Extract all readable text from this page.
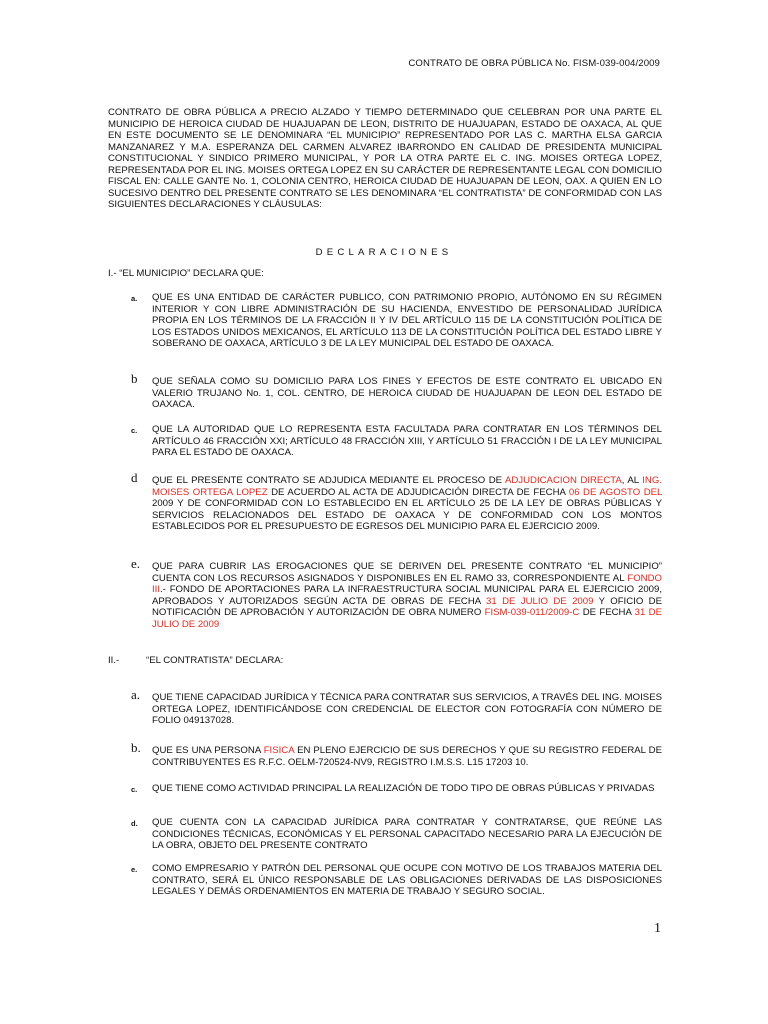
CONTRATO DE OBRA PÚBLICA No. FISM-039-004/2009
CONTRATO DE OBRA PÚBLICA A PRECIO ALZADO Y TIEMPO DETERMINADO QUE CELEBRAN POR UNA PARTE EL MUNICIPIO DE HEROICA CIUDAD DE HUAJUAPAN DE LEON, DISTRITO DE HUAJUAPAN, ESTADO DE OAXACA, AL QUE EN ESTE DOCUMENTO SE LE DENOMINARA “EL MUNICIPIO” REPRESENTADO POR LAS C. MARTHA ELSA GARCIA MANZANAREZ Y M.A. ESPERANZA DEL CARMEN ALVAREZ IBARRONDO EN CALIDAD DE PRESIDENTA MUNICIPAL CONSTITUCIONAL Y SINDICO PRIMERO MUNICIPAL, Y POR LA OTRA PARTE EL C. ING. MOISES ORTEGA LOPEZ, REPRESENTADA POR EL ING. MOISES ORTEGA LOPEZ EN SU CARÁCTER DE REPRESENTANTE LEGAL CON DOMICILIO FISCAL EN: CALLE GANTE No. 1, COLONIA CENTRO, HEROICA CIUDAD DE HUAJUAPAN DE LEON, OAX. A QUIEN EN LO SUCESIVO DENTRO DEL PRESENTE CONTRATO SE LES DENOMINARA “EL CONTRATISTA” DE CONFORMIDAD CON LAS SIGUIENTES DECLARACIONES Y CLÁUSULAS:
DECLARACIONES
I.- “EL MUNICIPIO” DECLARA QUE:
a.	QUE ES UNA ENTIDAD DE CARÁCTER PUBLICO, CON PATRIMONIO PROPIO, AUTÓNOMO EN SU RÉGIMEN INTERIOR Y CON LIBRE ADMINISTRACIÓN DE SU HACIENDA, ENVESTIDO DE PERSONALIDAD JURÍDICA PROPIA EN LOS TÉRMINOS DE LA FRACCIÓN II Y IV DEL ARTÍCULO 115 DE LA CONSTITUCIÓN POLÍTICA DE LOS ESTADOS UNIDOS MEXICANOS, EL ARTÍCULO 113 DE LA CONSTITUCIÓN POLÍTICA DEL ESTADO LIBRE Y SOBERANO DE OAXACA, ARTÍCULO 3 DE LA LEY MUNICIPAL DEL ESTADO DE OAXACA.
b	QUE SEÑALA COMO SU DOMICILIO PARA LOS FINES Y EFECTOS DE ESTE CONTRATO EL UBICADO EN VALERIO TRUJANO No. 1, COL. CENTRO, DE HEROICA CIUDAD DE HUAJUAPAN DE LEON DEL ESTADO DE OAXACA.
c.	QUE LA AUTORIDAD QUE LO REPRESENTA ESTA FACULTADA PARA CONTRATAR EN LOS TÉRMINOS DEL ARTÍCULO 46 FRACCIÓN XXI; ARTÍCULO 48 FRACCIÓN XIII, Y ARTÍCULO 51 FRACCIÓN I DE LA LEY MUNICIPAL PARA EL ESTADO DE OAXACA.
d	QUE EL PRESENTE CONTRATO SE ADJUDICA MEDIANTE EL PROCESO DE ADJUDICACION DIRECTA, AL ING. MOISES ORTEGA LOPEZ DE ACUERDO AL ACTA DE ADJUDICACIÓN DIRECTA DE FECHA 06 DE AGOSTO DEL 2009 Y DE CONFORMIDAD CON LO ESTABLECIDO EN EL ARTÍCULO 25 DE LA LEY DE OBRAS PÚBLICAS Y SERVICIOS RELACIONADOS DEL ESTADO DE OAXACA Y DE CONFORMIDAD CON LOS MONTOS ESTABLECIDOS POR EL PRESUPUESTO DE EGRESOS DEL MUNICIPIO PARA EL EJERCICIO 2009.
e.	QUE PARA CUBRIR LAS EROGACIONES QUE SE DERIVEN DEL PRESENTE CONTRATO “EL MUNICIPIO” CUENTA CON LOS RECURSOS ASIGNADOS Y DISPONIBLES EN EL RAMO 33, CORRESPONDIENTE AL FONDO III.- FONDO DE APORTACIONES PARA LA INFRAESTRUCTURA SOCIAL MUNICIPAL PARA EL EJERCICIO 2009, APROBADOS Y AUTORIZADOS SEGÚN ACTA DE OBRAS DE FECHA 31 DE JULIO DE 2009 Y OFICIO DE NOTIFICACIÓN DE APROBACIÓN Y AUTORIZACIÓN DE OBRA NUMERO FISM-039-011/2009-C DE FECHA 31 DE JULIO DE 2009
II.-	“EL CONTRATISTA” DECLARA:
a.	QUE TIENE CAPACIDAD JURÍDICA Y TÉCNICA PARA CONTRATAR SUS SERVICIOS, A TRAVÉS DEL ING. MOISES ORTEGA LOPEZ, IDENTIFICÁNDOSE CON CREDENCIAL DE ELECTOR CON FOTOGRAFÍA CON NÚMERO DE FOLIO 049137028.
b.	QUE ES UNA PERSONA FISICA EN PLENO EJERCICIO DE SUS DERECHOS Y QUE SU REGISTRO FEDERAL DE CONTRIBUYENTES ES R.F.C. OELM-720524-NV9, REGISTRO I.M.S.S. L15 17203 10.
c.	QUE TIENE COMO ACTIVIDAD PRINCIPAL LA REALIZACIÓN DE TODO TIPO DE OBRAS PÚBLICAS Y PRIVADAS
d.	QUE CUENTA CON LA CAPACIDAD JURÍDICA PARA CONTRATAR Y CONTRATARSE, QUE REÚNE LAS CONDICIONES TÉCNICAS, ECONÓMICAS Y EL PERSONAL CAPACITADO NECESARIO PARA LA EJECUCIÓN DE LA OBRA, OBJETO DEL PRESENTE CONTRATO
e.	COMO EMPRESARIO Y PATRÓN DEL PERSONAL QUE OCUPE CON MOTIVO DE LOS TRABAJOS MATERIA DEL CONTRATO, SERÁ EL ÚNICO RESPONSABLE DE LAS OBLIGACIONES DERIVADAS DE LAS DISPOSICIONES LEGALES Y DEMÁS ORDENAMIENTOS EN MATERIA DE TRABAJO Y SEGURO SOCIAL.
1
